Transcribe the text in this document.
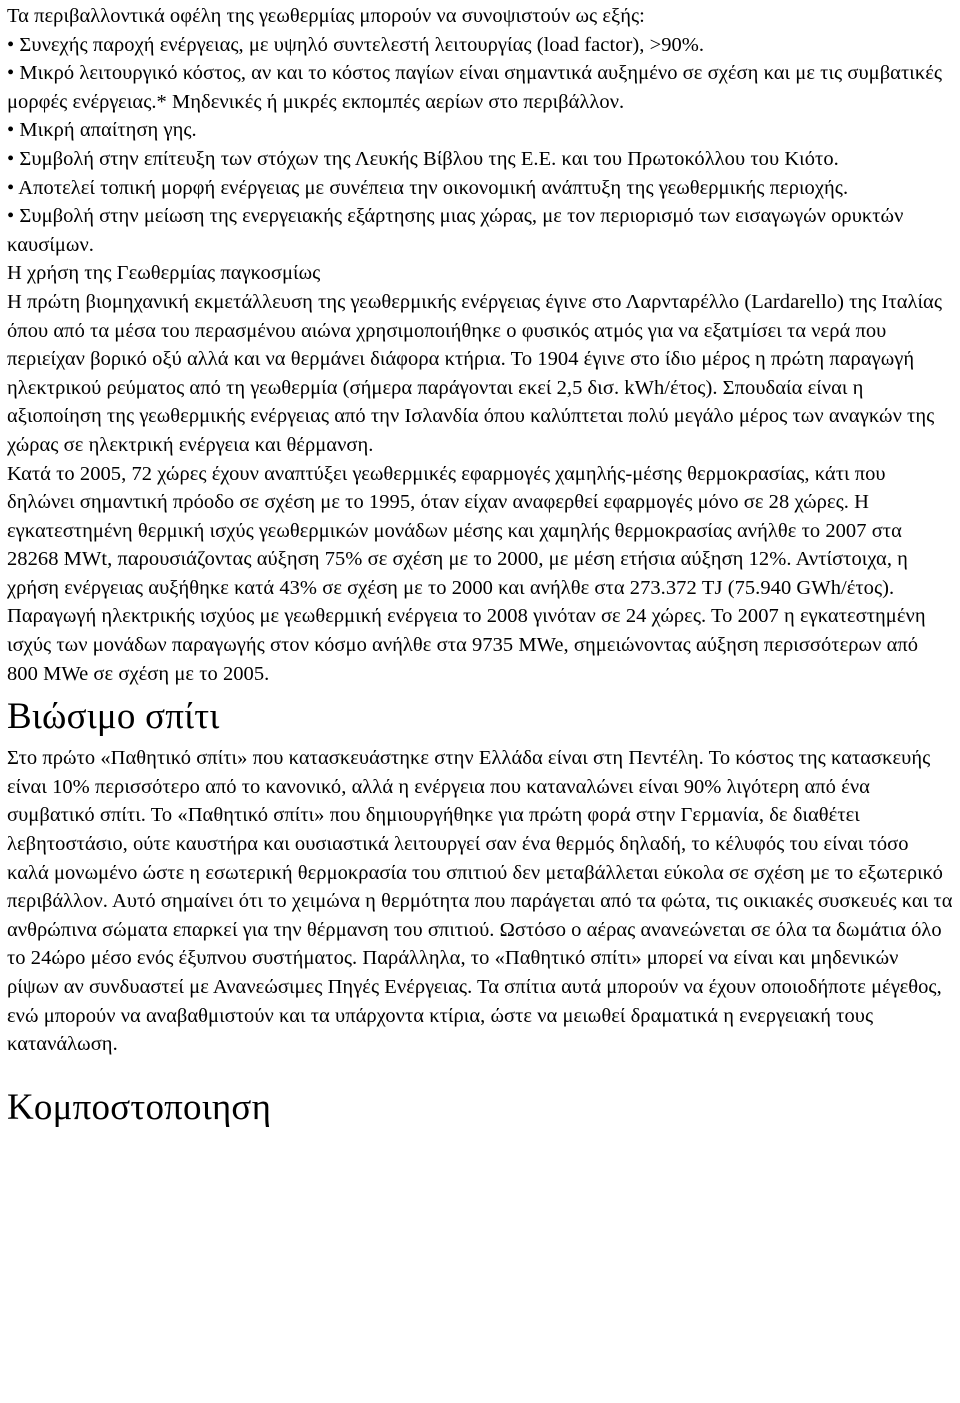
Τα περιβαλλοντικά οφέλη της γεωθερμίας μπορούν να συνοψιστούν ως εξής:

• Συνεχής παροχή ενέργειας, με υψηλό συντελεστή λειτουργίας (load factor), >90%.

• Μικρό λειτουργικό κόστος, αν και το κόστος παγίων είναι σημαντικά αυξημένο σε σχέση και με τις συμβατικές μορφές ενέργειας.* Μηδενικές ή μικρές εκπομπές αερίων στο περιβάλλον.

• Μικρή απαίτηση γης.

• Συμβολή στην επίτευξη των στόχων της Λευκής Βίβλου της Ε.Ε. και του Πρωτοκόλλου του Κιότο.

• Αποτελεί τοπική μορφή ενέργειας με συνέπεια την οικονομική ανάπτυξη της γεωθερμικής περιοχής.

• Συμβολή στην μείωση της ενεργειακής εξάρτησης μιας χώρας, με τον περιορισμό των εισαγωγών ορυκτών καυσίμων.

Η χρήση της Γεωθερμίας παγκοσμίως

Η πρώτη βιομηχανική εκμετάλλευση της γεωθερμικής ενέργειας έγινε στο Λαρνταρέλλο (Lardarello) της Ιταλίας όπου από τα μέσα του περασμένου αιώνα χρησιμοποιήθηκε ο φυσικός ατμός για να εξατμίσει τα νερά που περιείχαν βορικό οξύ αλλά και να θερμάνει διάφορα κτήρια. Το 1904 έγινε στο ίδιο μέρος η πρώτη παραγωγή ηλεκτρικού ρεύματος από τη γεωθερμία (σήμερα παράγονται εκεί 2,5 δισ. kWh/έτος). Σπουδαία είναι η αξιοποίηση της γεωθερμικής ενέργειας από την Ισλανδία όπου καλύπτεται πολύ μεγάλο μέρος των αναγκών της χώρας σε ηλεκτρική ενέργεια και θέρμανση.

Κατά το 2005, 72 χώρες έχουν αναπτύξει γεωθερμικές εφαρμογές χαμηλής-μέσης θερμοκρασίας, κάτι που δηλώνει σημαντική πρόοδο σε σχέση με το 1995, όταν είχαν αναφερθεί εφαρμογές μόνο σε 28 χώρες. Η εγκατεστημένη θερμική ισχύς γεωθερμικών μονάδων μέσης και χαμηλής θερμοκρασίας ανήλθε το 2007 στα 28268 MWt, παρουσιάζοντας αύξηση 75% σε σχέση με το 2000, με μέση ετήσια αύξηση 12%. Αντίστοιχα, η χρήση ενέργειας αυξήθηκε κατά 43% σε σχέση με το 2000 και ανήλθε στα 273.372 TJ (75.940 GWh/έτος).

Παραγωγή ηλεκτρικής ισχύος με γεωθερμική ενέργεια το 2008 γινόταν σε 24 χώρες. Το 2007 η εγκατεστημένη ισχύς των μονάδων παραγωγής στον κόσμο ανήλθε στα 9735 MWe, σημειώνοντας αύξηση περισσότερων από 800 MWe σε σχέση με το 2005.

Βιώσιμο σπίτι

Στο πρώτο «Παθητικό σπίτι» που κατασκευάστηκε στην Ελλάδα είναι στη Πεντέλη. Το κόστος της κατασκευής είναι 10% περισσότερο από το κανονικό, αλλά η ενέργεια που καταναλώνει είναι 90% λιγότερη από ένα συμβατικό σπίτι. Το «Παθητικό σπίτι» που δημιουργήθηκε για πρώτη φορά στην Γερμανία, δε διαθέτει λεβητοστάσιο, ούτε καυστήρα και ουσιαστικά λειτουργεί σαν ένα θερμός δηλαδή, το κέλυφός του είναι τόσο καλά μονωμένο ώστε η εσωτερική θερμοκρασία του σπιτιού δεν μεταβάλλεται εύκολα σε σχέση με το εξωτερικό περιβάλλον. Αυτό σημαίνει ότι το χειμώνα η θερμότητα που παράγεται από τα φώτα, τις οικιακές συσκευές και τα ανθρώπινα σώματα επαρκεί για την θέρμανση του σπιτιού. Ωστόσο ο αέρας ανανεώνεται σε όλα τα δωμάτια όλο το 24ώρο μέσο ενός έξυπνου συστήματος. Παράλληλα, το «Παθητικό σπίτι» μπορεί να είναι και μηδενικών ρίψων αν συνδυαστεί με Ανανεώσιμες Πηγές Ενέργειας. Τα σπίτια αυτά μπορούν να έχουν οποιοδήποτε μέγεθος, ενώ μπορούν να αναβαθμιστούν και τα υπάρχοντα κτίρια, ώστε να μειωθεί δραματικά η ενεργειακή τους κατανάλωση.

Κομποστοποιηση
